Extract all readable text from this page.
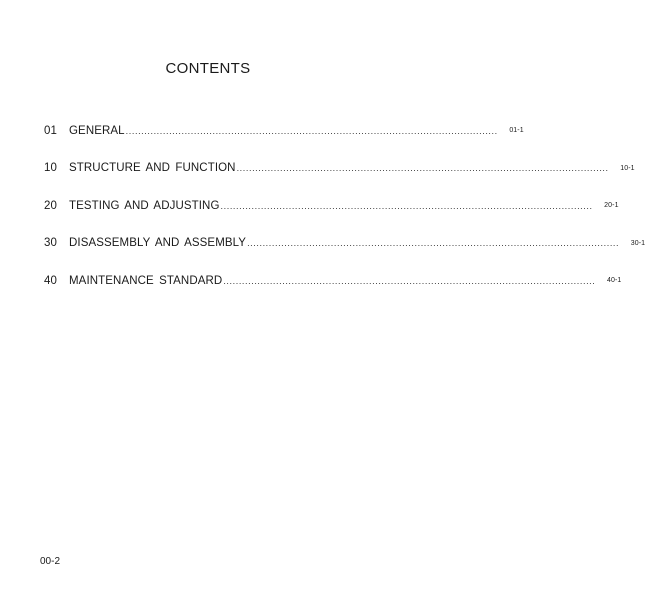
CONTENTS
01	GENERAL ........................................................................................................................	01-1
10	STRUCTURE AND FUNCTION ........................................................................................................................	10-1
20	TESTING AND ADJUSTING ........................................................................................................................	20-1
30	DISASSEMBLY AND ASSEMBLY ........................................................................................................................	30-1
40	MAINTENANCE STANDARD ........................................................................................................................	40-1
00-2
